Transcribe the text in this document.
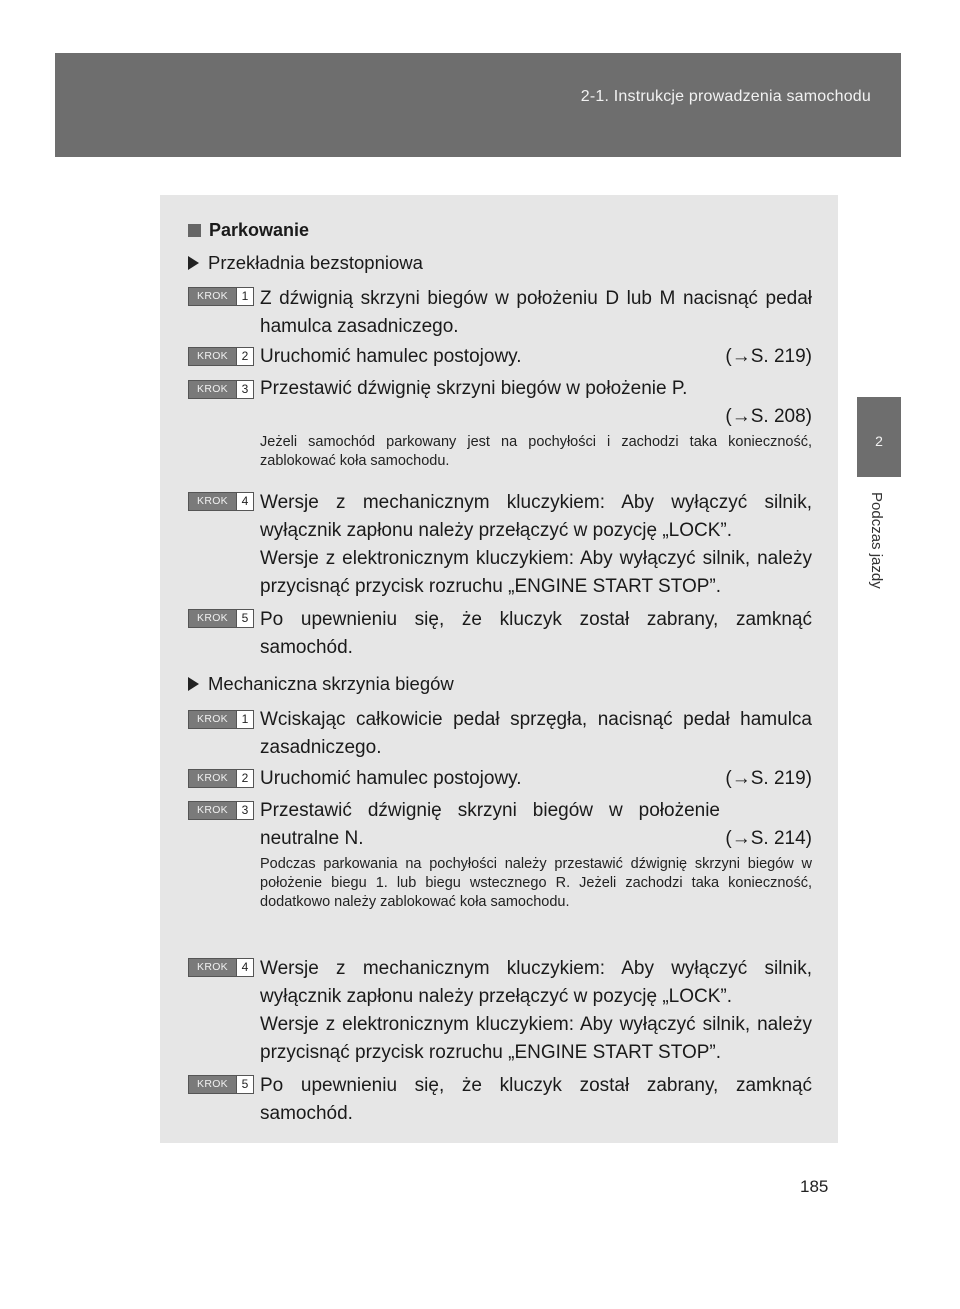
2-1. Instrukcje prowadzenia samochodu
2
Podczas jazdy
Parkowanie
Przekładnia bezstopniowa
KROK	1 Z dźwignią skrzyni biegów w położeniu D lub M nacisnąć pedał hamulca zasadniczego.
KROK	2 Uruchomić hamulec postojowy.	(→S. 219)
KROK	3 Przestawić dźwignię skrzyni biegów w położenie P.
(→S. 208)
Jeżeli samochód parkowany jest na pochyłości i zachodzi taka konieczność, zablokować koła samochodu.
KROK	4 Wersje z mechanicznym kluczykiem: Aby wyłączyć silnik, wyłącznik zapłonu należy przełączyć w pozycję „LOCK”.
Wersje z elektronicznym kluczykiem: Aby wyłączyć silnik, należy przycisnąć przycisk rozruchu „ENGINE START STOP”.
KROK	5 Po upewnieniu się, że kluczyk został zabrany, zamknąć samochód.
Mechaniczna skrzynia biegów
KROK	1 Wciskając całkowicie pedał sprzęgła, nacisnąć pedał hamulca zasadniczego.
KROK	2 Uruchomić hamulec postojowy.	(→S. 219)
KROK	3 Przestawić dźwignię skrzyni biegów w położenie neutralne N.	(→S. 214)
Podczas parkowania na pochyłości należy przestawić dźwignię skrzyni biegów w położenie biegu 1. lub biegu wstecznego R. Jeżeli zachodzi taka konieczność, dodatkowo należy zablokować koła samochodu.
KROK	4 Wersje z mechanicznym kluczykiem: Aby wyłączyć silnik, wyłącznik zapłonu należy przełączyć w pozycję „LOCK”.
Wersje z elektronicznym kluczykiem: Aby wyłączyć silnik, należy przycisnąć przycisk rozruchu „ENGINE START STOP”.
KROK	5 Po upewnieniu się, że kluczyk został zabrany, zamknąć samochód.
185
